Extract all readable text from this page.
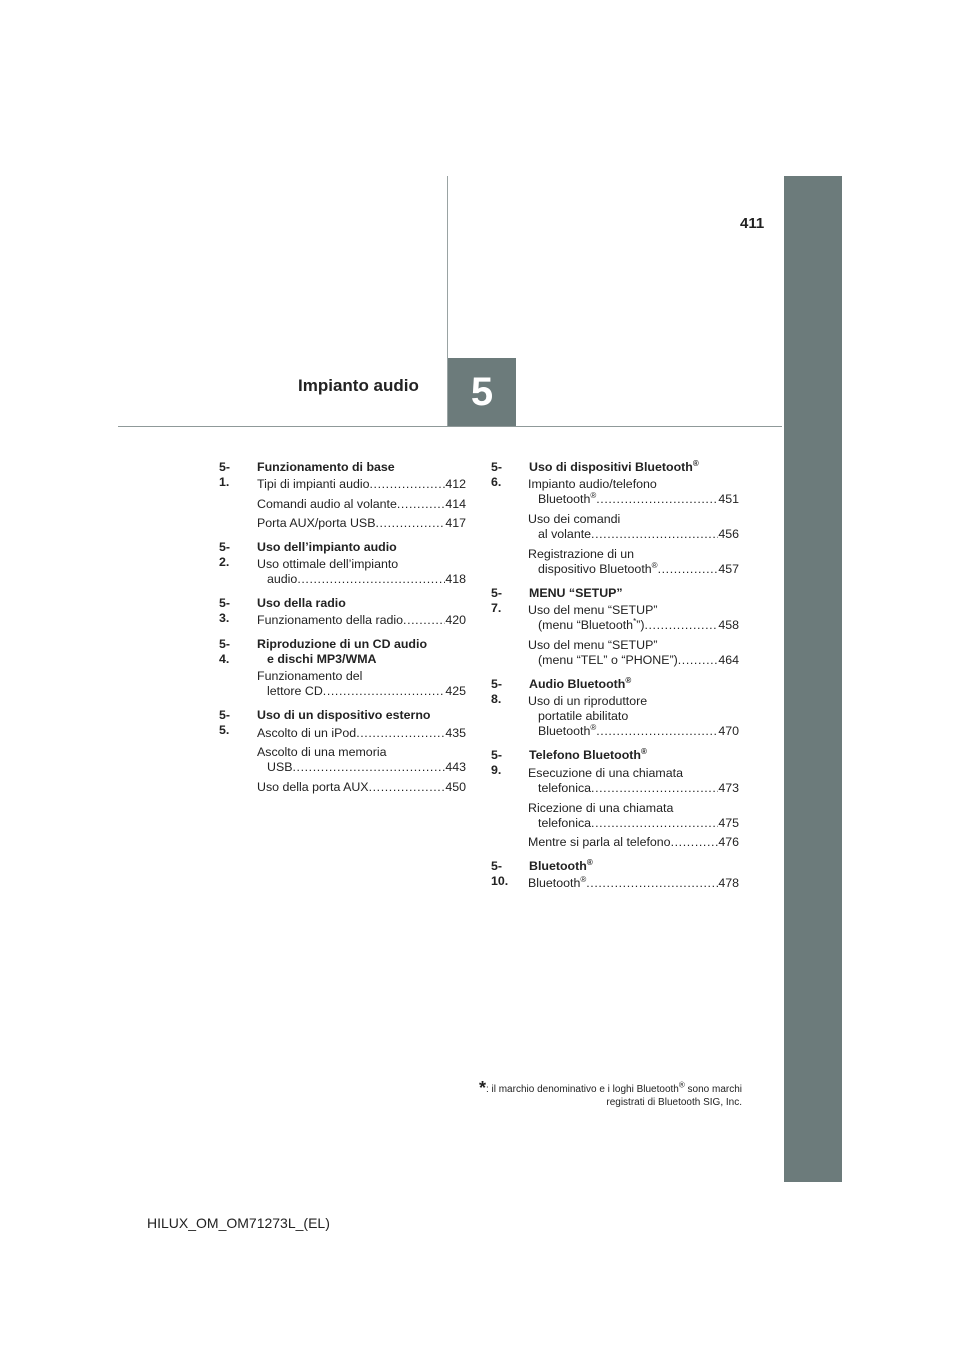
5
Impianto audio
411
5-1.
Funzionamento di base
Tipi di impianti audio .....	412
Comandi audio al volante .....	414
Porta AUX/porta USB .....	417
5-2.
Uso dell’impianto audio
Uso ottimale dell’impianto
audio .....	418
5-3.
Uso della radio
Funzionamento della radio .....	420
5-4.
Riproduzione di un CD audio
e dischi MP3/WMA
Funzionamento del
lettore CD .....	425
5-5.
Uso di un dispositivo esterno
Ascolto di un iPod .....	435
Ascolto di una memoria
USB .....	443
Uso della porta AUX .....	450
5-6.
Uso di dispositivi Bluetooth®
Impianto audio/telefono
Bluetooth® .....	451
Uso dei comandi
al volante .....	456
Registrazione di un
dispositivo Bluetooth® .....	457
5-7.
MENU “SETUP”
Uso del menu “SETUP”
(menu “Bluetooth*”) .....	458
Uso del menu “SETUP”
(menu “TEL” o “PHONE”) .....	464
5-8.
Audio Bluetooth®
Uso di un riproduttore
portatile abilitato
Bluetooth® .....	470
5-9.
Telefono Bluetooth®
Esecuzione di una chiamata
telefonica .....	473
Ricezione di una chiamata
telefonica .....	475
Mentre si parla al telefono .....	476
5-10.
Bluetooth®
Bluetooth® .....	478
*: il marchio denominativo e i loghi Bluetooth® sono marchi
registrati di Bluetooth SIG, Inc.
HILUX_OM_OM71273L_(EL)
